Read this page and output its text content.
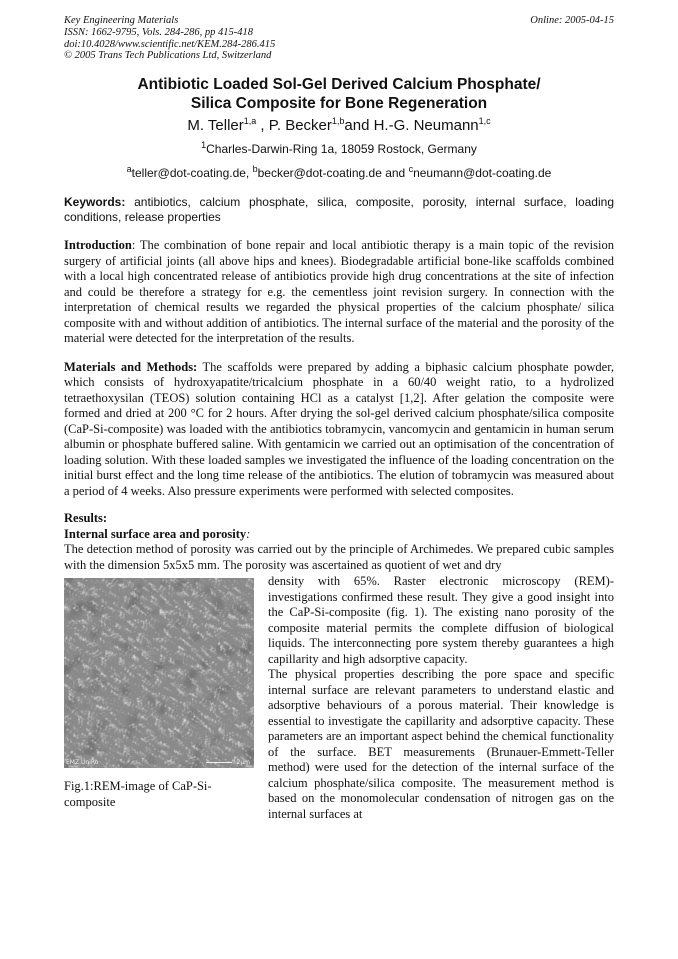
Key Engineering Materials
ISSN: 1662-9795, Vols. 284-286, pp 415-418
doi:10.4028/www.scientific.net/KEM.284-286.415
© 2005 Trans Tech Publications Ltd, Switzerland
Online: 2005-04-15
Antibiotic Loaded Sol-Gel Derived Calcium Phosphate/
Silica Composite for Bone Regeneration
M. Teller$^{1,a}$ , P. Becker$^{1,b}$and H.-G. Neumann$^{1,c}$
$^1$Charles-Darwin-Ring 1a, 18059 Rostock, Germany
$^a$teller@dot-coating.de, $^b$becker@dot-coating.de and $^c$neumann@dot-coating.de
Keywords: antibiotics, calcium phosphate, silica, composite, porosity, internal surface, loading conditions, release properties
Introduction: The combination of bone repair and local antibiotic therapy is a main topic of the revision surgery of artificial joints (all above hips and knees). Biodegradable artificial bone-like scaffolds combined with a local high concentrated release of antibiotics provide high drug concentrations at the site of infection and could be therefore a strategy for e.g. the cementless joint revision surgery. In connection with the interpretation of chemical results we regarded the physical properties of the calcium phosphate/ silica composite with and without addition of antibiotics. The internal surface of the material and the porosity of the material were detected for the interpretation of the results.
Materials and Methods: The scaffolds were prepared by adding a biphasic calcium phosphate powder, which consists of hydroxyapatite/tricalcium phosphate in a 60/40 weight ratio, to a hydrolized tetraethoxysilan (TEOS) solution containing HCl as a catalyst [1,2]. After gelation the composite were formed and dried at 200 °C for 2 hours. After drying the sol-gel derived calcium phosphate/silica composite (CaP-Si-composite) was loaded with the antibiotics tobramycin, vancomycin and gentamicin in human serum albumin or phosphate buffered saline. With gentamicin we carried out an optimisation of the concentration of loading solution. With these loaded samples we investigated the influence of the loading concentration on the initial burst effect and the long time release of the antibiotics. The elution of tobramycin was measured about a period of 4 weeks. Also pressure experiments were performed with selected composites.
Results:
Internal surface area and porosity:
The detection method of porosity was carried out by the principle of Archimedes. We prepared cubic samples with the dimension 5x5x5 mm. The porosity was ascertained as quotient of wet and dry
EMZ.UniRo	2µm
Fig.1:REM-image of CaP-Si-composite
density with 65%. Raster electronic microscopy (REM)-investigations confirmed these result. They give a good insight into the CaP-Si-composite (fig. 1). The existing nano porosity of the composite material permits the complete diffusion of biological liquids. The interconnecting pore system thereby guarantees a high capillarity and high adsorptive capacity.
The physical properties describing the pore space and specific internal surface are relevant parameters to understand elastic and adsorptive behaviours of a porous material. Their knowledge is essential to investigate the capillarity and adsorptive capacity. These parameters are an important aspect behind the chemical functionality of the surface. BET measurements (Brunauer-Emmett-Teller method) were used for the detection of the internal surface of the calcium phosphate/silica composite. The measurement method is based on the monomolecular condensation of nitrogen gas on the internal surfaces at
